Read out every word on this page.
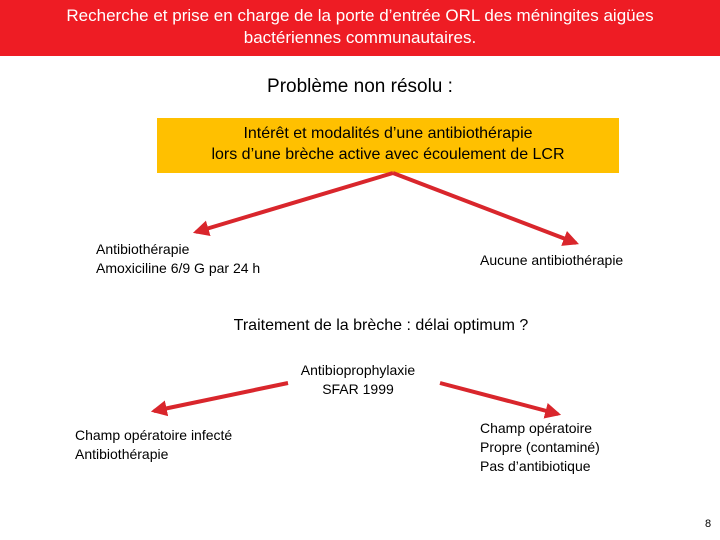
Recherche et prise en charge de la porte d’entrée ORL des méningites aigües
bactériennes communautaires.
Problème non résolu :
Intérêt et modalités d’une antibiothérapie
lors d’une brèche active avec écoulement de LCR
Antibiothérapie
Amoxiciline 6/9 G par 24 h	Aucune antibiothérapie
Traitement de la brèche : délai optimum ?
Antibioprophylaxie
SFAR 1999
Champ opératoire infecté
Antibiothérapie
Champ opératoire
Propre (contaminé)
Pas d’antibiotique
8
